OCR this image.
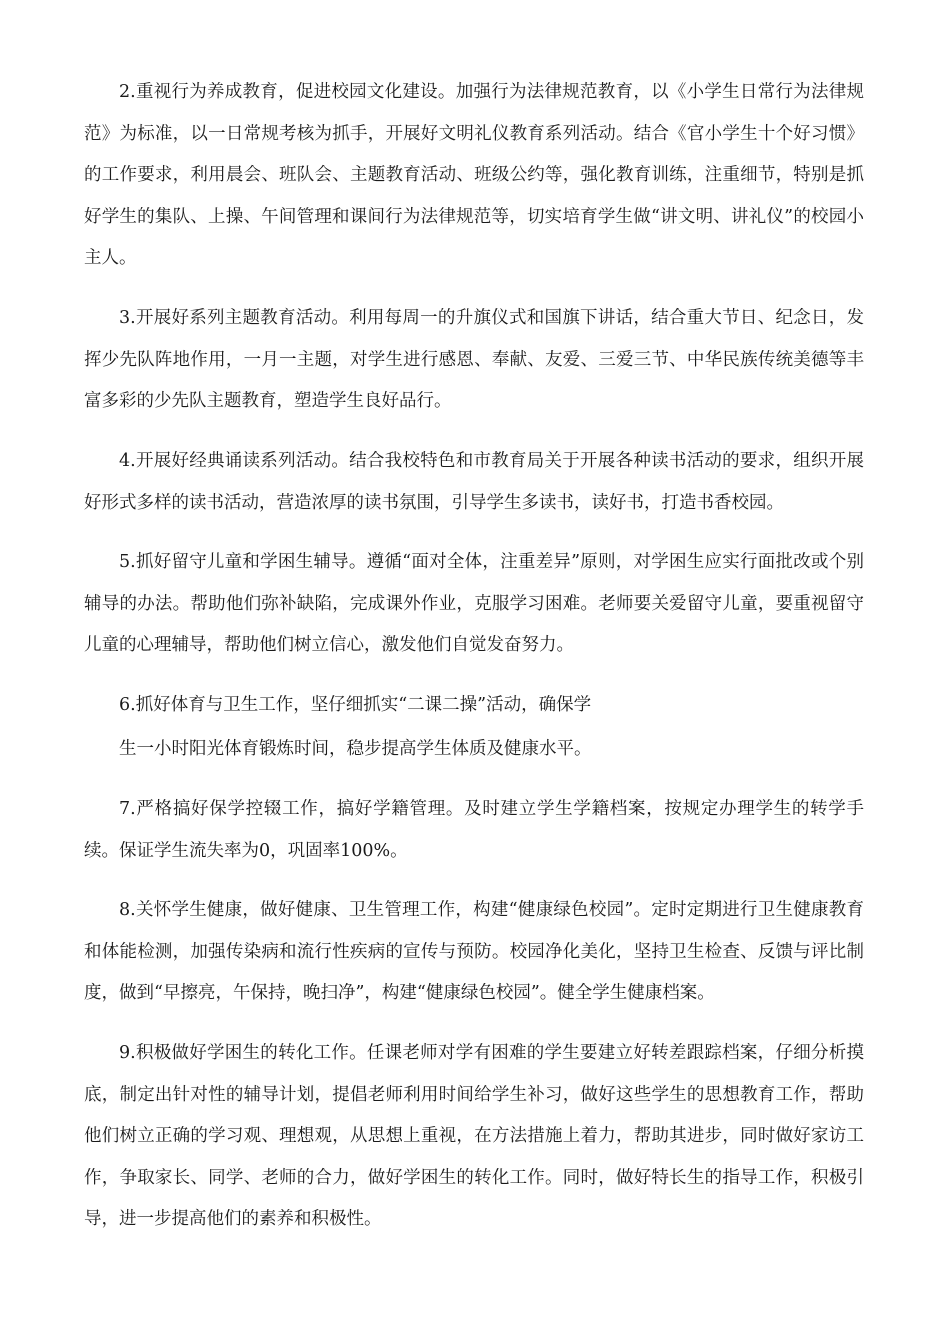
2.重视行为养成教育，促进校园文化建设。加强行为法律规范教育，以《小学生日常行为法律规范》为标准，以一日常规考核为抓手，开展好文明礼仪教育系列活动。结合《官小学生十个好习惯》的工作要求，利用晨会、班队会、主题教育活动、班级公约等，强化教育训练，注重细节，特别是抓好学生的集队、上操、午间管理和课间行为法律规范等，切实培育学生做“讲文明、讲礼仪”的校园小主人。

3.开展好系列主题教育活动。利用每周一的升旗仪式和国旗下讲话，结合重大节日、纪念日，发挥少先队阵地作用，一月一主题，对学生进行感恩、奉献、友爱、三爱三节、中华民族传统美德等丰富多彩的少先队主题教育，塑造学生良好品行。

4.开展好经典诵读系列活动。结合我校特色和市教育局关于开展各种读书活动的要求，组织开展好形式多样的读书活动，营造浓厚的读书氛围，引导学生多读书，读好书，打造书香校园。

5.抓好留守儿童和学困生辅导。遵循“面对全体，注重差异”原则，对学困生应实行面批改或个别辅导的办法。帮助他们弥补缺陷，完成课外作业，克服学习困难。老师要关爱留守儿童，要重视留守儿童的心理辅导，帮助他们树立信心，激发他们自觉发奋努力。

6.抓好体育与卫生工作，坚仔细抓实“二课二操”活动，确保学

生一小时阳光体育锻炼时间，稳步提高学生体质及健康水平。

7.严格搞好保学控辍工作，搞好学籍管理。及时建立学生学籍档案，按规定办理学生的转学手续。保证学生流失率为0，巩固率100%。

8.关怀学生健康，做好健康、卫生管理工作，构建“健康绿色校园”。定时定期进行卫生健康教育和体能检测，加强传染病和流行性疾病的宣传与预防。校园净化美化，坚持卫生检查、反馈与评比制度，做到“早擦亮，午保持，晚扫净”，构建“健康绿色校园”。健全学生健康档案。

9.积极做好学困生的转化工作。任课老师对学有困难的学生要建立好转差跟踪档案，仔细分析摸底，制定出针对性的辅导计划，提倡老师利用时间给学生补习，做好这些学生的思想教育工作，帮助他们树立正确的学习观、理想观，从思想上重视，在方法措施上着力，帮助其进步，同时做好家访工作，争取家长、同学、老师的合力，做好学困生的转化工作。同时，做好特长生的指导工作，积极引导，进一步提高他们的素养和积极性。
